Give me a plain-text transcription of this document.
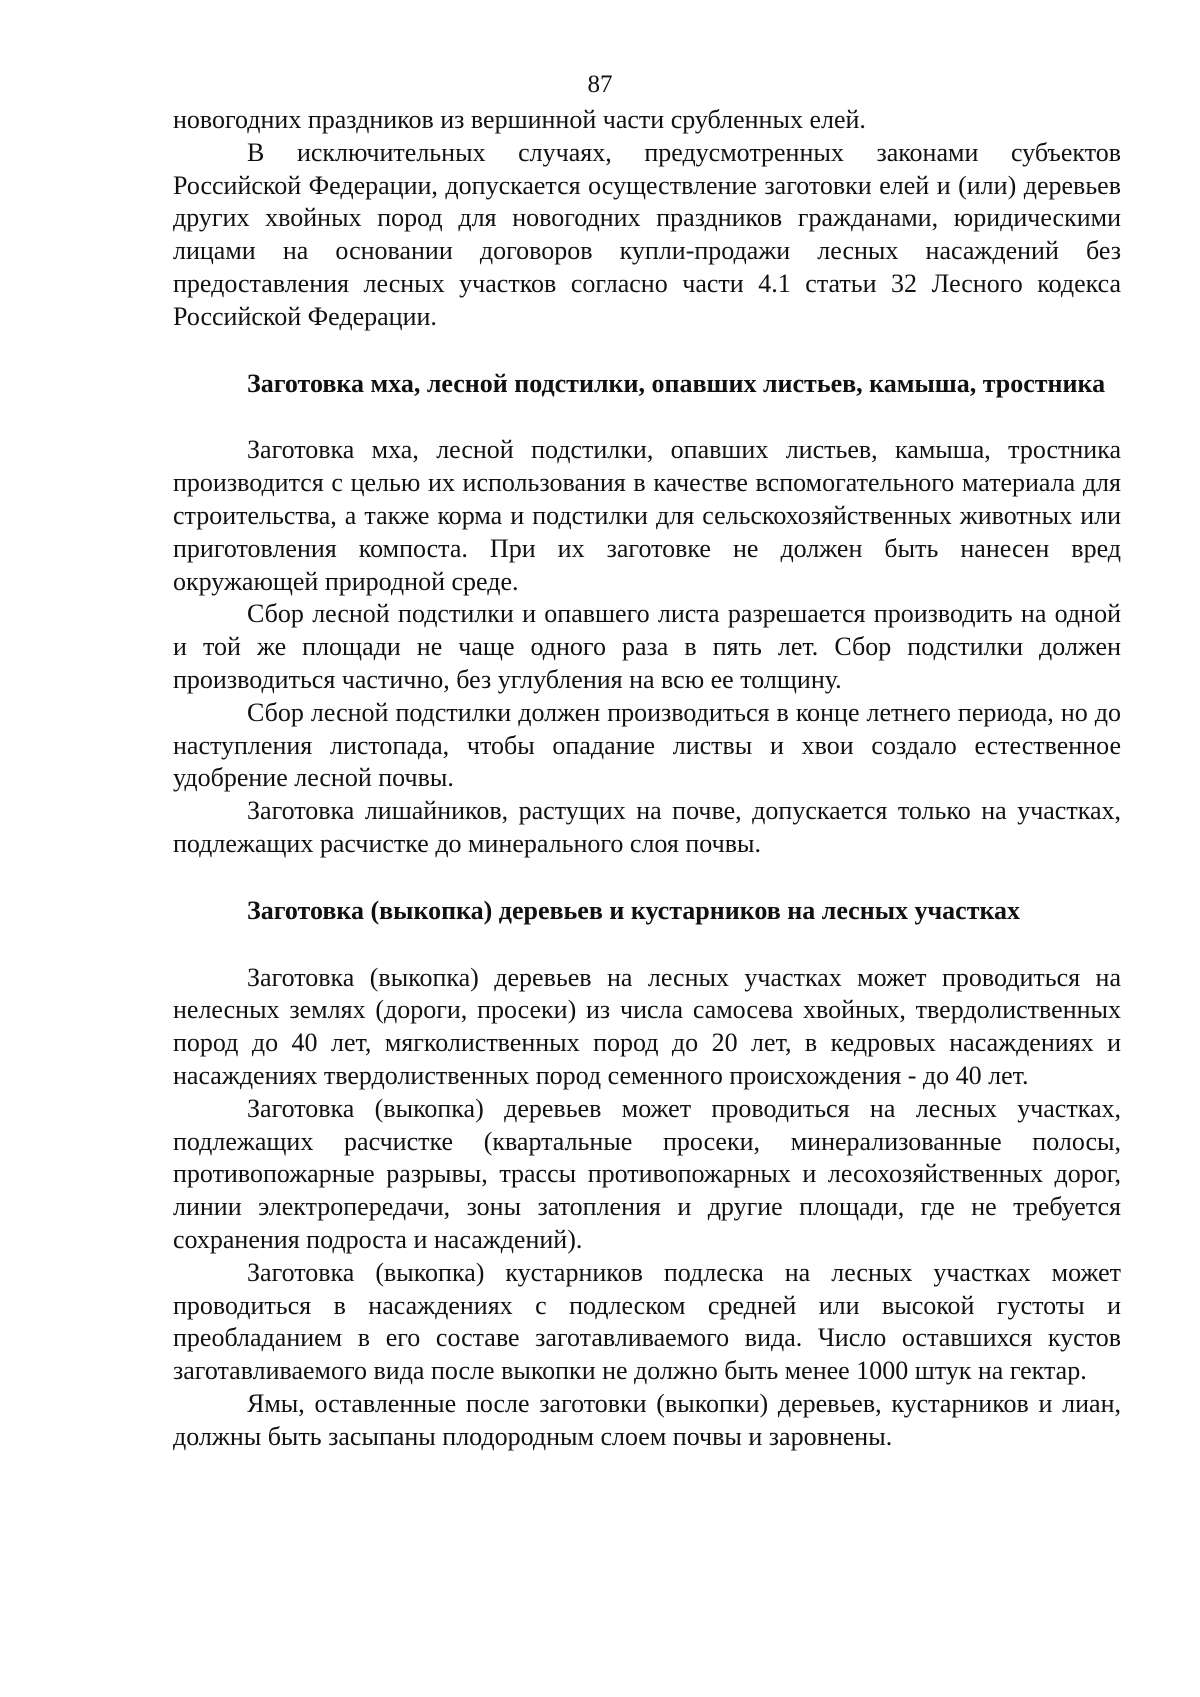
87

новогодних праздников из вершинной части срубленных елей.

В исключительных случаях, предусмотренных законами субъектов Российской Федерации, допускается осуществление заготовки елей и (или) деревьев других хвойных пород для новогодних праздников гражданами, юридическими лицами на основании договоров купли-продажи лесных насаждений без предоставления лесных участков согласно части 4.1 статьи 32 Лесного кодекса Российской Федерации.

Заготовка мха, лесной подстилки, опавших листьев, камыша, тростника

Заготовка мха, лесной подстилки, опавших листьев, камыша, тростника производится с целью их использования в качестве вспомогательного материала для строительства, а также корма и подстилки для сельскохозяйственных животных или приготовления компоста. При их заготовке не должен быть нанесен вред окружающей природной среде.

Сбор лесной подстилки и опавшего листа разрешается производить на одной и той же площади не чаще одного раза в пять лет. Сбор подстилки должен производиться частично, без углубления на всю ее толщину.

Сбор лесной подстилки должен производиться в конце летнего периода, но до наступления листопада, чтобы опадание листвы и хвои создало естественное удобрение лесной почвы.

Заготовка лишайников, растущих на почве, допускается только на участках, подлежащих расчистке до минерального слоя почвы.

Заготовка (выкопка) деревьев и кустарников на лесных участках

Заготовка (выкопка) деревьев на лесных участках может проводиться на нелесных землях (дороги, просеки) из числа самосева хвойных, твердолиственных пород до 40 лет, мягколиственных пород до 20 лет, в кедровых насаждениях и насаждениях твердолиственных пород семенного происхождения - до 40 лет.

Заготовка (выкопка) деревьев может проводиться на лесных участках, подлежащих расчистке (квартальные просеки, минерализованные полосы, противопожарные разрывы, трассы противопожарных и лесохозяйственных дорог, линии электропередачи, зоны затопления и другие площади, где не требуется сохранения подроста и насаждений).

Заготовка (выкопка) кустарников подлеска на лесных участках может проводиться в насаждениях с подлеском средней или высокой густоты и преобладанием в его составе заготавливаемого вида. Число оставшихся кустов заготавливаемого вида после выкопки не должно быть менее 1000 штук на гектар.

Ямы, оставленные после заготовки (выкопки) деревьев, кустарников и лиан, должны быть засыпаны плодородным слоем почвы и заровнены.
